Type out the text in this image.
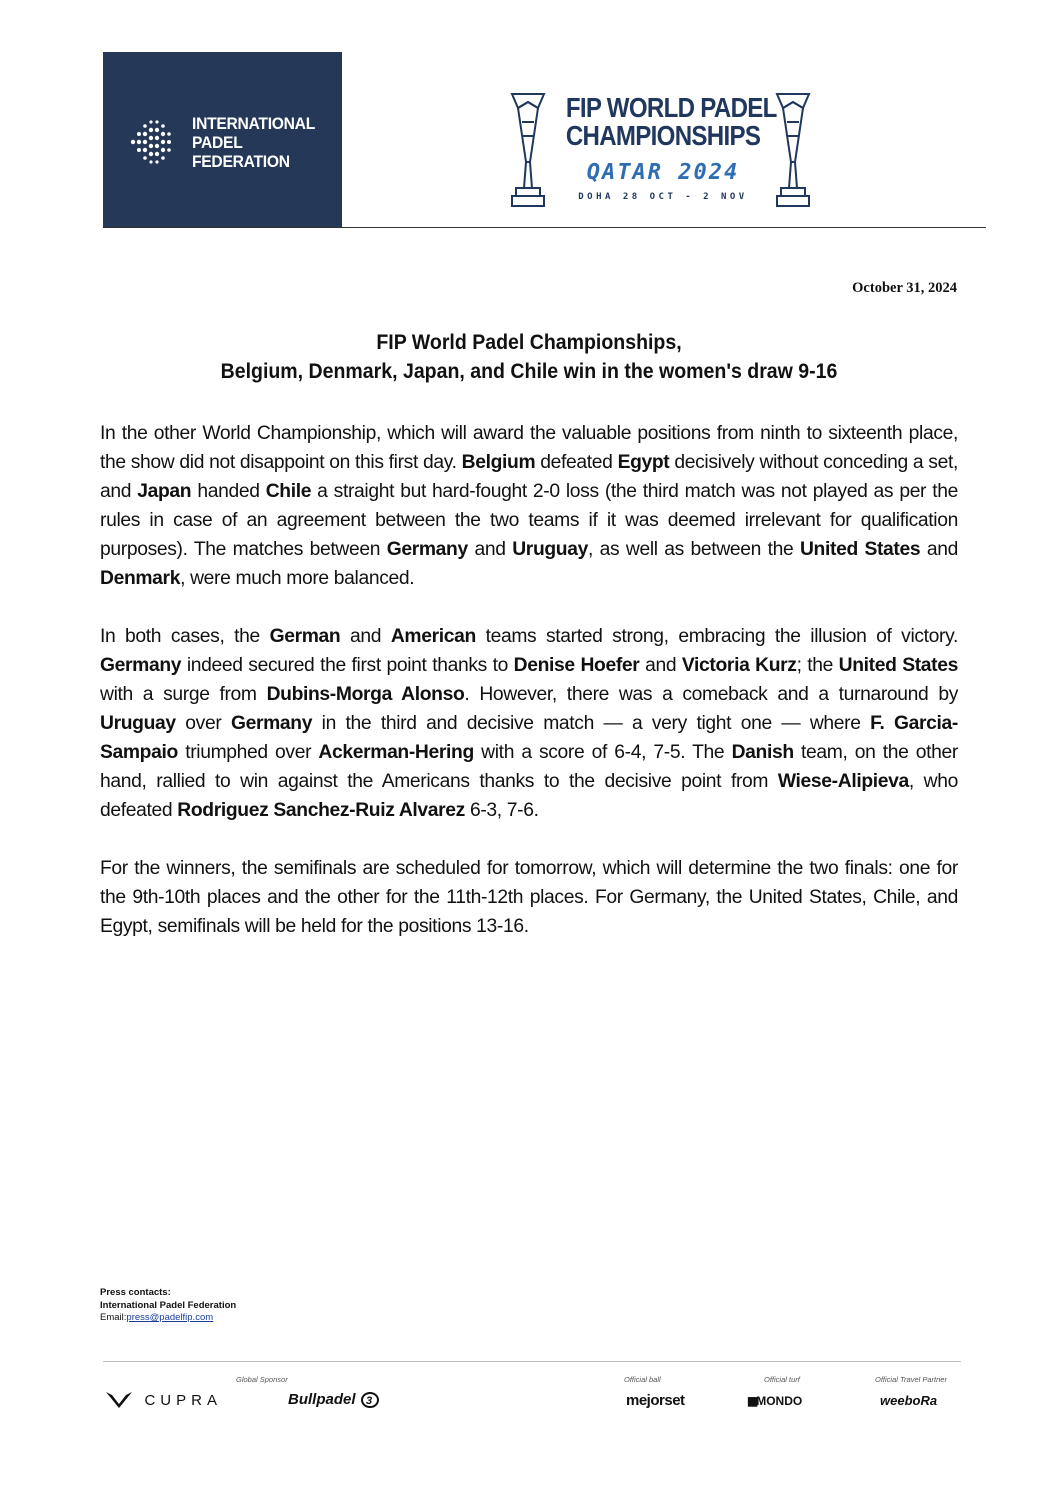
INTERNATIONAL
PADEL
FEDERATION
FIP WORLD PADEL
CHAMPIONSHIPS
QATAR 2024
DOHA 28 OCT - 2 NOV
October 31, 2024
FIP World Padel Championships,
Belgium, Denmark, Japan, and Chile win in the women's draw 9-16

In the other World Championship, which will award the valuable positions from ninth to sixteenth place, the show did not disappoint on this first day. Belgium defeated Egypt decisively without conceding a set, and Japan handed Chile a straight but hard-fought 2-0 loss (the third match was not played as per the rules in case of an agreement between the two teams if it was deemed irrelevant for qualification purposes). The matches between Germany and Uruguay, as well as between the United States and Denmark, were much more balanced.

In both cases, the German and American teams started strong, embracing the illusion of victory. Germany indeed secured the first point thanks to Denise Hoefer and Victoria Kurz; the United States with a surge from Dubins-Morga Alonso. However, there was a comeback and a turnaround by Uruguay over Germany in the third and decisive match — a very tight one — where F. Garcia-Sampaio triumphed over Ackerman-Hering with a score of 6-4, 7-5. The Danish team, on the other hand, rallied to win against the Americans thanks to the decisive point from Wiese-Alipieva, who defeated Rodriguez Sanchez-Ruiz Alvarez 6-3, 7-6.

For the winners, the semifinals are scheduled for tomorrow, which will determine the two finals: one for the 9th-10th places and the other for the 11th-12th places. For Germany, the United States, Chile, and Egypt, semifinals will be held for the positions 13-16.

Press contacts:
International Padel Federation
Email:press@padelfip.com
Global Sponsor
CUPRA	Bullpadel 3
Official ball
mejorset
Official turf
▮▮MONDO
Official Travel Partner
weeboRa
